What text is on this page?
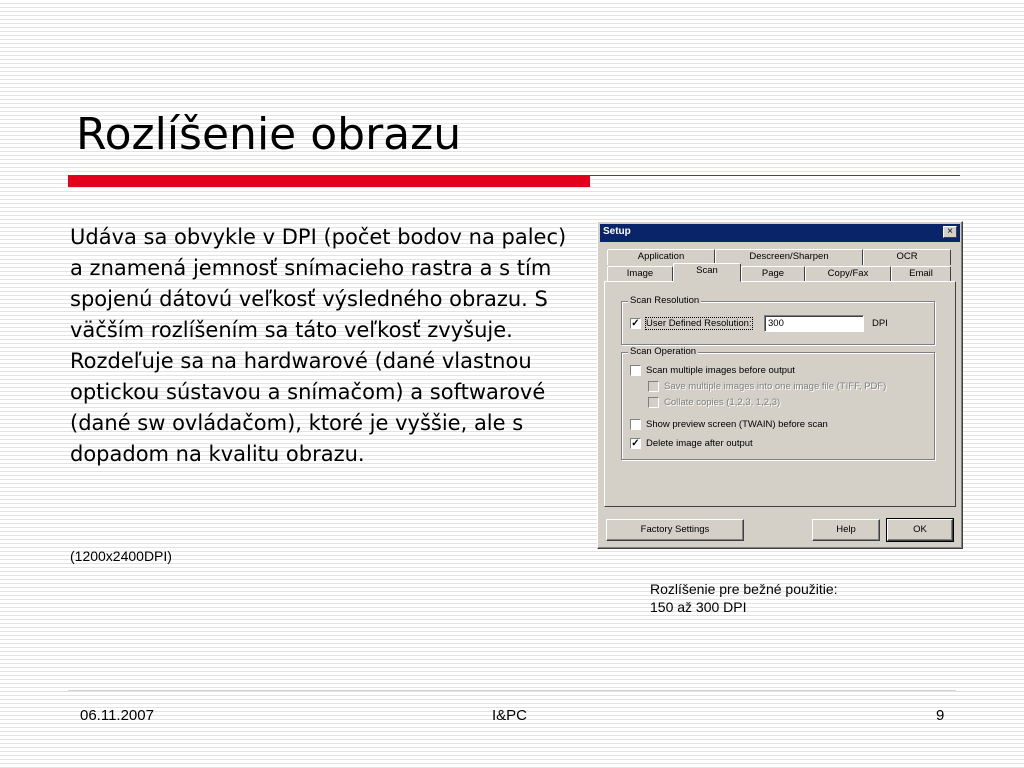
Rozlíšenie obrazu

Udáva sa obvykle v DPI (počet bodov na palec) a znamená jemnosť snímacieho rastra a s tím spojenú dátovú veľkosť výsledného obrazu. S väčším rozlíšením sa táto veľkosť zvyšuje. Rozdeľuje sa na hardwarové (dané vlastnou optickou sústavou a snímačom) a softwarové (dané sw ovládačom), ktoré je vyššie, ale s dopadom na kvalitu obrazu.

(1200x2400DPI)
Rozlíšenie pre bežné použitie:
150 až 300 DPI
06.11.2007	I&PC	9
Setup	×
Application	Descreen/Sharpen	OCR
Image	Scan	Page	Copy/Fax	Email
Scan Resolution
✓ User Defined Resolution:	300	DPI
Scan Operation
Scan multiple images before output
Save multiple images into one image file (TIFF, PDF)
Collate copies (1,2,3, 1,2,3)
Show preview screen (TWAIN) before scan
✓ Delete image after output
Factory Settings	Help	OK
